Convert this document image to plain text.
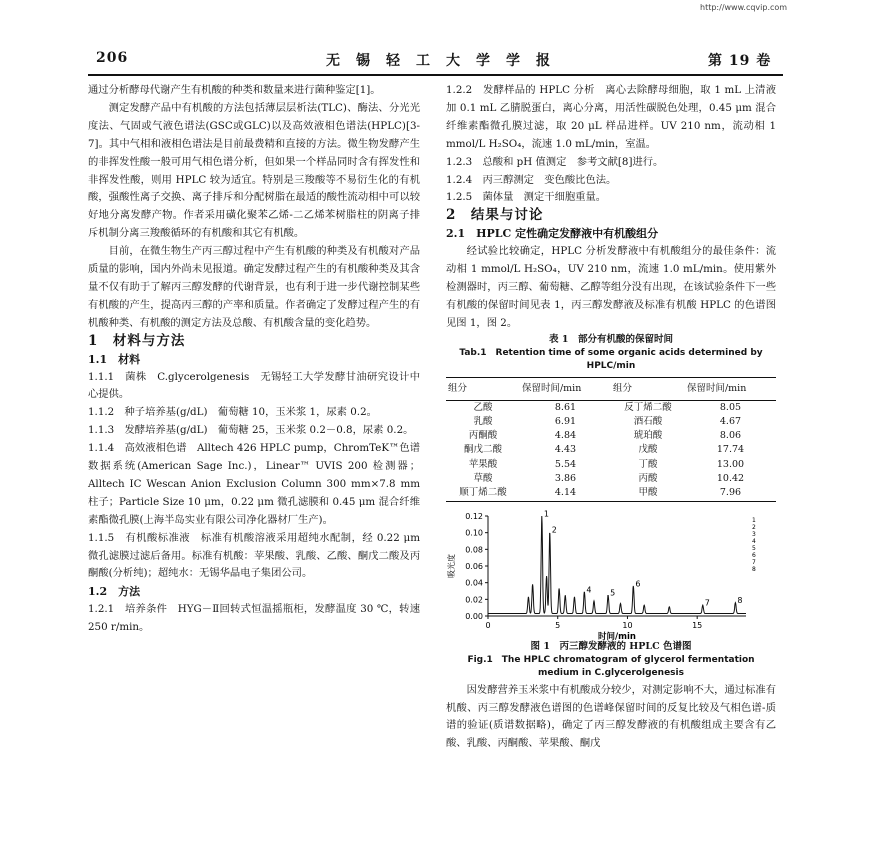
http://www.cqvip.com
206	无　锡　轻　工　大　学　学　报	第 19 卷

通过分析酵母代谢产生有机酸的种类和数量来进行菌种鉴定[1]。

测定发酵产品中有机酸的方法包括薄层层析法(TLC)、酶法、分光光度法、气固或气液色谱法(GSC或GLC)以及高效液相色谱法(HPLC)[3-7]。其中气相和液相色谱法是目前最费精和直接的方法。微生物发酵产生的非挥发性酸一般可用气相色谱分析，但如果一个样品同时含有挥发性和非挥发性酸，则用 HPLC 较为适宜。特别是三羧酸等不易衍生化的有机酸，强酸性离子交换、离子排斥和分配树脂在最适的酸性流动相中可以较好地分离发酵产物。作者采用磺化聚苯乙烯-二乙烯苯树脂柱的阴离子排斥机制分离三羧酸循环的有机酸和其它有机酸。

目前，在微生物生产丙三醇过程中产生有机酸的种类及有机酸对产品质量的影响，国内外尚未见报道。确定发酵过程产生的有机酸种类及其含量不仅有助于了解丙三醇发酵的代谢背景，也有利于进一步代谢控制某些有机酸的产生，提高丙三醇的产率和质量。作者确定了发酵过程产生的有机酸种类、有机酸的测定方法及总酸、有机酸含量的变化趋势。

1　材料与方法

1.1　材料

1.1.1　菌株　C.glycerolgenesis　无锡轻工大学发酵甘油研究设计中心提供。

1.1.2　种子培养基(g/dL)　葡萄糖 10，玉米浆 1，尿素 0.2。

1.1.3　发酵培养基(g/dL)　葡萄糖 25，玉米浆 0.2－0.8，尿素 0.2。

1.1.4　高效液相色谱　Alltech 426 HPLC pump，ChromTeK™色谱数据系统(American Sage Inc.)，Linear™ UVIS 200 检测器；Alltech IC Wescan Anion Exclusion Column 300 mm×7.8 mm 柱子；Particle Size 10 μm，0.22 μm 微孔滤膜和 0.45 μm 混合纤维素酯微孔膜(上海半岛实业有限公司净化器材厂生产)。

1.1.5　有机酸标准液　标准有机酸溶液采用超纯水配制，经 0.22 μm 微孔滤膜过滤后备用。标准有机酸：苹果酸、乳酸、乙酸、酮戊二酸及丙酮酸(分析纯)；超纯水：无锡华晶电子集团公司。

1.2　方法

1.2.1　培养条件　HYG－Ⅱ回转式恒温摇瓶柜，发酵温度 30 ℃，转速 250 r/min。

1.2.2　发酵样品的 HPLC 分析　离心去除酵母细胞，取 1 mL 上清液加 0.1 mL 乙腈脱蛋白，离心分离，用活性碳脱色处理，0.45 μm 混合纤维素酯微孔膜过滤，取 20 μL 样品进样。UV 210 nm，流动相 1 mmol/L H₂SO₄，流速 1.0 mL/min，室温。

1.2.3　总酸和 pH 值测定　参考文献[8]进行。

1.2.4　丙三醇测定　变色酸比色法。

1.2.5　菌体量　测定干细胞重量。

2　结果与讨论

2.1　HPLC 定性确定发酵液中有机酸组分

经试验比较确定，HPLC 分析发酵液中有机酸组分的最佳条件：流动相 1 mmol/L H₂SO₄，UV 210 nm，流速 1.0 mL/min。使用紫外检测器时，丙三醇、葡萄糖、乙醇等组分没有出现，在该试验条件下一些有机酸的保留时间见表 1，丙三醇发酵液及标准有机酸 HPLC 的色谱图见图 1，图 2。

表 1　部分有机酸的保留时间
Tab.1　Retention time of some organic acids determined by HPLC/min
组分	保留时间/min	组分	保留时间/min
乙酸	8.61	反丁烯二酸	8.05
乳酸	6.91	酒石酸	4.67
丙酮酸	4.84	琥珀酸	8.06
酮戊二酸	4.43	戊酸	17.74
苹果酸	5.54	丁酸	13.00
草酸	3.86	丙酸	10.42
顺丁烯二酸	4.14	甲酸	7.96
0.00
0.02
0.04
0.06
0.08
0.10
0.12
0	5	10	15
时间/min
吸光度
1
2
4 5
6
7	8
1
2
3
4
5
6
7
8
图 1　丙三醇发酵液的 HPLC 色谱图
Fig.1　The HPLC chromatogram of glycerol fermentation medium in C.glycerolgenesis

因发酵营养玉米浆中有机酸成分较少，对测定影响不大，通过标准有机酸、丙三醇发酵液色谱图的色谱峰保留时间的反复比较及气相色谱-质谱的验证(质谱数据略)，确定了丙三醇发酵液的有机酸组成主要含有乙酸、乳酸、丙酮酸、苹果酸、酮戊
